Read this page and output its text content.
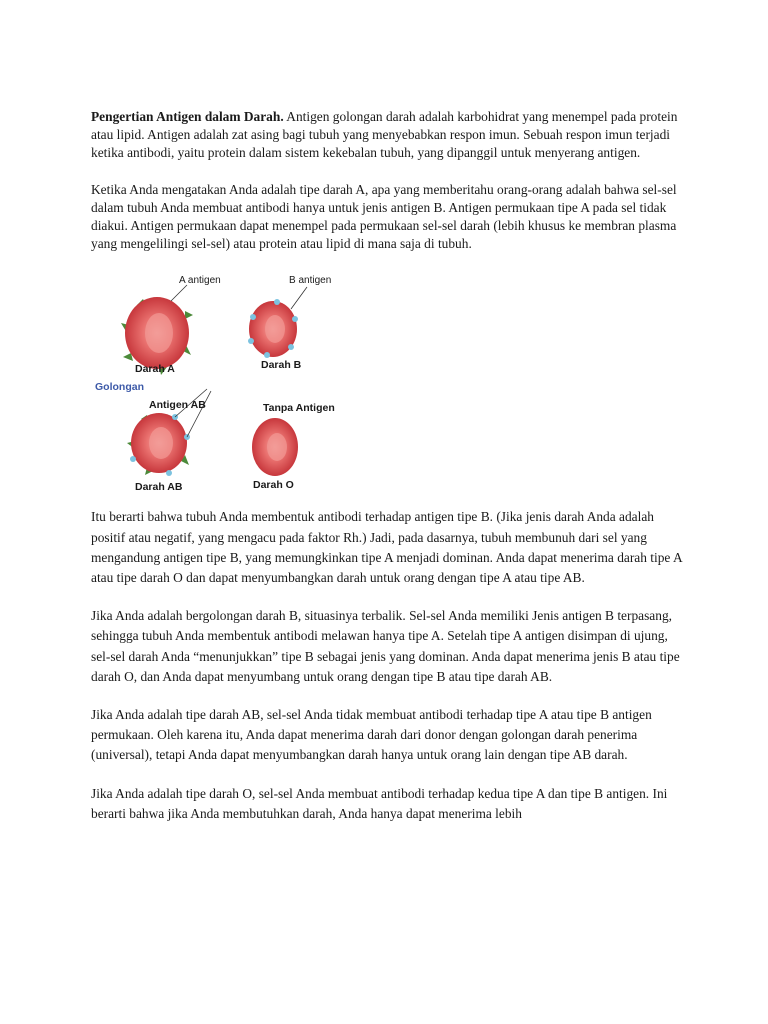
Pengertian Antigen dalam Darah. Antigen golongan darah adalah karbohidrat yang menempel pada protein atau lipid. Antigen adalah zat asing bagi tubuh yang menyebabkan respon imun. Sebuah respon imun terjadi ketika antibodi, yaitu protein dalam sistem kekebalan tubuh, yang dipanggil untuk menyerang antigen.

Ketika Anda mengatakan Anda adalah tipe darah A, apa yang memberitahu orang-orang adalah bahwa sel-sel dalam tubuh Anda membuat antibodi hanya untuk jenis antigen B. Antigen permukaan tipe A pada sel tidak diakui. Antigen permukaan dapat menempel pada permukaan sel-sel darah (lebih khusus ke membran plasma yang mengelilingi sel-sel) atau protein atau lipid di mana saja di tubuh.

A antigen	B antigen
Darah A	Darah B
Golongan
Antigen AB	Tanpa Antigen
Darah AB	Darah O

Itu berarti bahwa tubuh Anda membentuk antibodi terhadap antigen tipe B. (Jika jenis darah Anda adalah positif atau negatif, yang mengacu pada faktor Rh.) Jadi, pada dasarnya, tubuh membunuh dari sel yang mengandung antigen tipe B, yang memungkinkan tipe A menjadi dominan. Anda dapat menerima darah tipe A atau tipe darah O dan dapat menyumbangkan darah untuk orang dengan tipe A atau tipe AB.

Jika Anda adalah bergolongan darah B, situasinya terbalik. Sel-sel Anda memiliki Jenis antigen B terpasang, sehingga tubuh Anda membentuk antibodi melawan hanya tipe A. Setelah tipe A antigen disimpan di ujung, sel-sel darah Anda “menunjukkan” tipe B sebagai jenis yang dominan. Anda dapat menerima jenis B atau tipe darah O, dan Anda dapat menyumbang untuk orang dengan tipe B atau tipe darah AB.

Jika Anda adalah tipe darah AB, sel-sel Anda tidak membuat antibodi terhadap tipe A atau tipe B antigen permukaan. Oleh karena itu, Anda dapat menerima darah dari donor dengan golongan darah penerima (universal), tetapi Anda dapat menyumbangkan darah hanya untuk orang lain dengan tipe AB darah.

Jika Anda adalah tipe darah O, sel-sel Anda membuat antibodi terhadap kedua tipe A dan tipe B antigen. Ini berarti bahwa jika Anda membutuhkan darah, Anda hanya dapat menerima lebih
